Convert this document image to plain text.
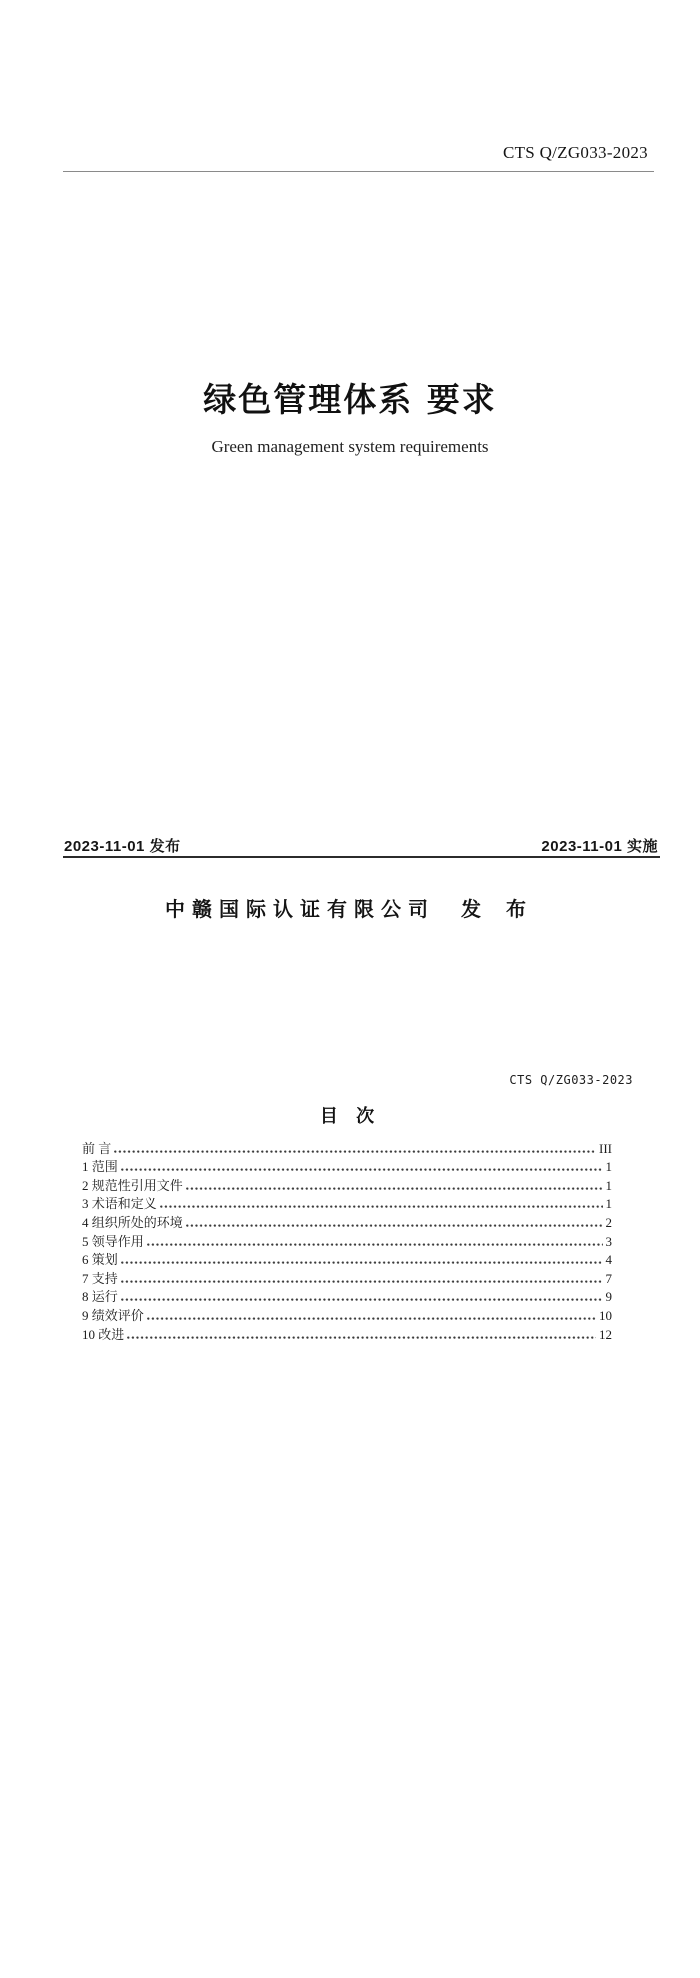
CTS Q/ZG033-2023
绿色管理体系 要求
Green management system requirements
2023-11-01 发布	2023-11-01 实施
中赣国际认证有限公司 发 布
CTS Q/ZG033-2023
目 次
前 言	III
1 范围	1
2 规范性引用文件	1
3 术语和定义	1
4 组织所处的环境	2
5 领导作用	3
6 策划	4
7 支持	7
8 运行	9
9 绩效评价	10
10 改进	12
